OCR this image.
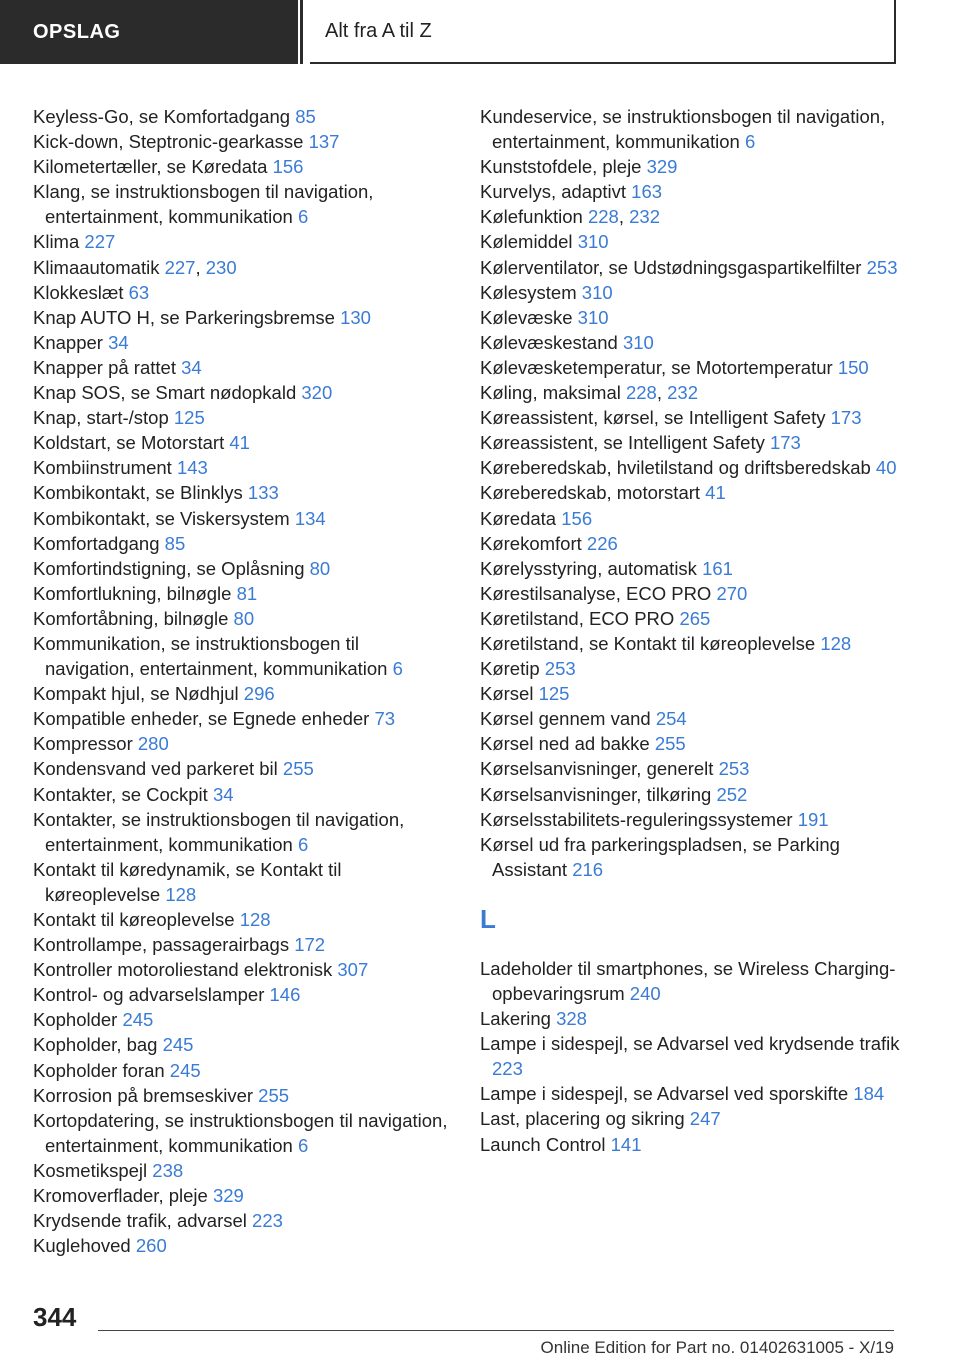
OPSLAG	Alt fra A til Z
Keyless-Go, se Komfortadgang 85
Kick-down, Steptronic-gearkasse 137
Kilometertæller, se Køredata 156
Klang, se instruktionsbogen til navigation, entertainment, kommunikation 6
Klima 227
Klimaautomatik 227, 230
Klokkeslæt 63
Knap AUTO H, se Parkeringsbremse 130
Knapper 34
Knapper på rattet 34
Knap SOS, se Smart nødopkald 320
Knap, start-/stop 125
Koldstart, se Motorstart 41
Kombiinstrument 143
Kombikontakt, se Blinklys 133
Kombikontakt, se Viskersystem 134
Komfortadgang 85
Komfortindstigning, se Oplåsning 80
Komfortlukning, bilnøgle 81
Komfortåbning, bilnøgle 80
Kommunikation, se instruktionsbogen til navigation, entertainment, kommunikation 6
Kompakt hjul, se Nødhjul 296
Kompatible enheder, se Egnede enheder 73
Kompressor 280
Kondensvand ved parkeret bil 255
Kontakter, se Cockpit 34
Kontakter, se instruktionsbogen til navigation, entertainment, kommunikation 6
Kontakt til køredynamik, se Kontakt til køreoplevelse 128
Kontakt til køreoplevelse 128
Kontrollampe, passagerairbags 172
Kontroller motoroliestand elektronisk 307
Kontrol- og advarselslamper 146
Kopholder 245
Kopholder, bag 245
Kopholder foran 245
Korrosion på bremseskiver 255
Kortopdatering, se instruktionsbogen til navigation, entertainment, kommunikation 6
Kosmetikspejl 238
Kromoverflader, pleje 329
Krydsende trafik, advarsel 223
Kuglehoved 260
Kundeservice, se instruktionsbogen til navigation, entertainment, kommunikation 6
Kunststofdele, pleje 329
Kurvelys, adaptivt 163
Kølefunktion 228, 232
Kølemiddel 310
Kølerventilator, se Udstødningsgaspartikelfilter 253
Kølesystem 310
Kølevæske 310
Kølevæskestand 310
Kølevæsketemperatur, se Motortemperatur 150
Køling, maksimal 228, 232
Køreassistent, kørsel, se Intelligent Safety 173
Køreassistent, se Intelligent Safety 173
Køreberedskab, hviletilstand og driftsberedskab 40
Køreberedskab, motorstart 41
Køredata 156
Kørekomfort 226
Kørelysstyring, automatisk 161
Kørestilsanalyse, ECO PRO 270
Køretilstand, ECO PRO 265
Køretilstand, se Kontakt til køreoplevelse 128
Køretip 253
Kørsel 125
Kørsel gennem vand 254
Kørsel ned ad bakke 255
Kørselsanvisninger, generelt 253
Kørselsanvisninger, tilkøring 252
Kørselsstabilitets-reguleringssystemer 191
Kørsel ud fra parkeringspladsen, se Parking Assistant 216
L
Ladeholder til smartphones, se Wireless Charging-opbevaringsrum 240
Lakering 328
Lampe i sidespejl, se Advarsel ved krydsende trafik 223
Lampe i sidespejl, se Advarsel ved sporskifte 184
Last, placering og sikring 247
Launch Control 141
344
Online Edition for Part no. 01402631005 - X/19
